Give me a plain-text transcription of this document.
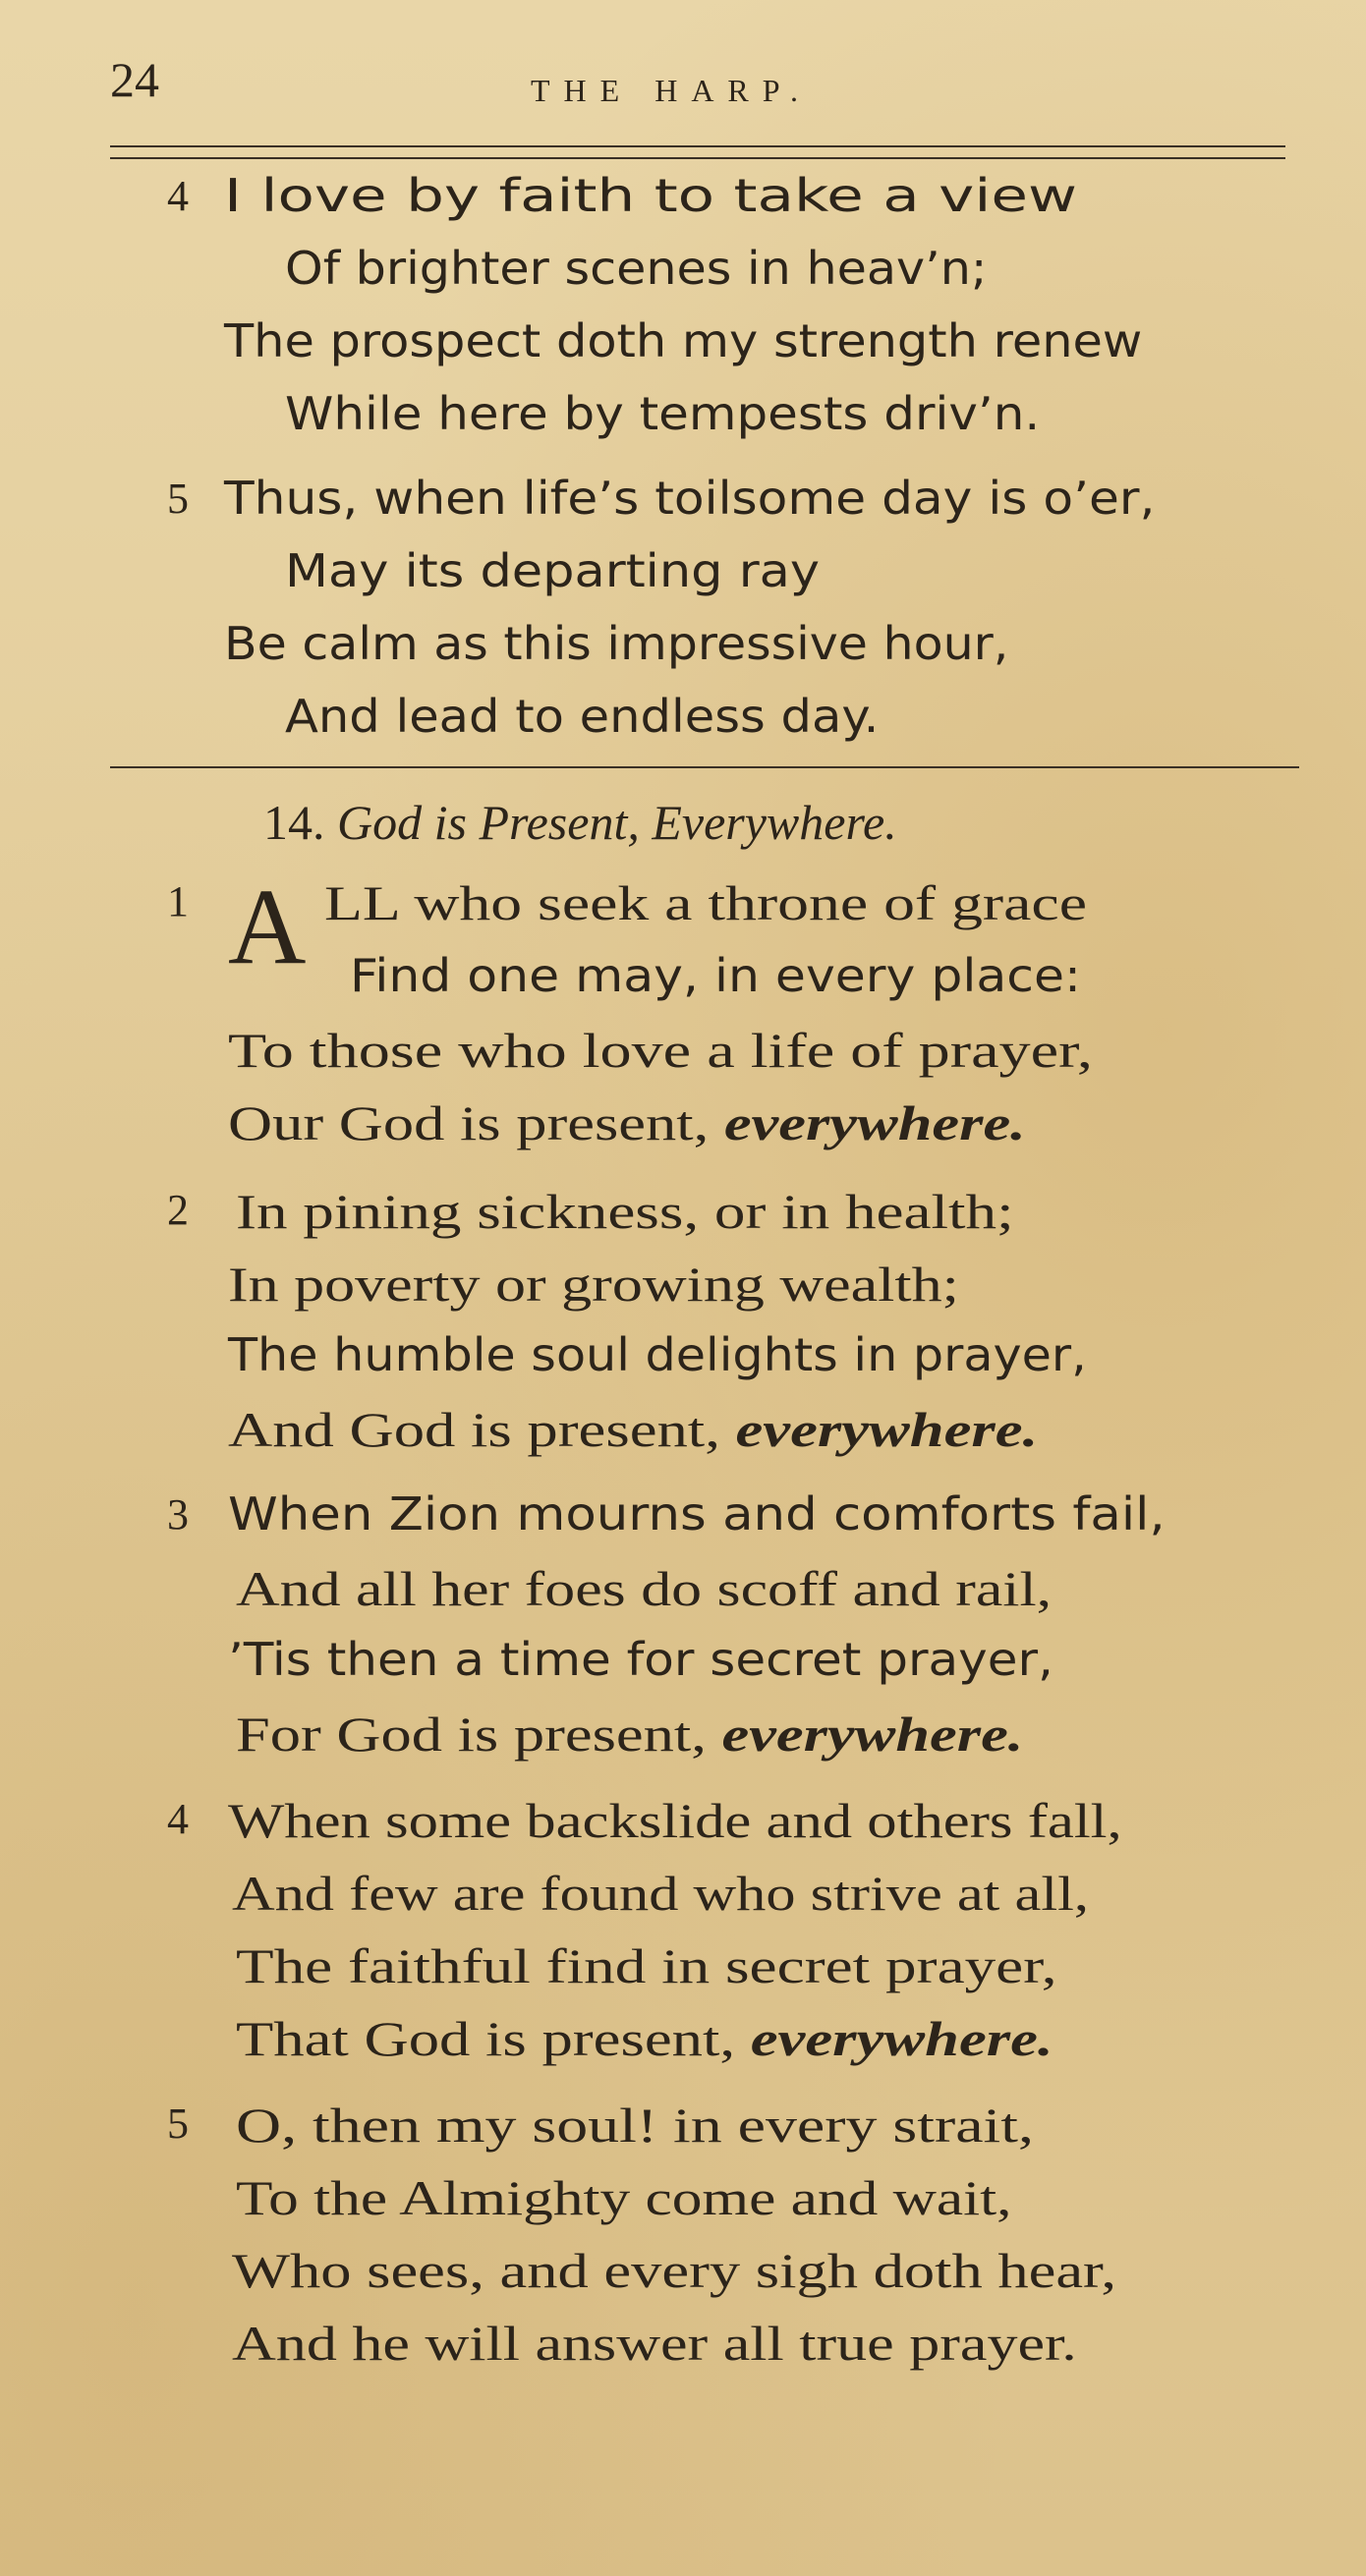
24	THE HARP.
4 I love by faith to take a view
Of brighter scenes in heav’n;
The prospect doth my strength renew
While here by tempests driv’n.
5 Thus, when life’s toilsome day is o’er,
May its departing ray
Be calm as this impressive hour,
And lead to endless day.
14. God is Present, Everywhere.
1 A LL who seek a throne of grace
Find one may, in every place:
To those who love a life of prayer,
Our God is present, everywhere.
2 In pining sickness, or in health;
In poverty or growing wealth;
The humble soul delights in prayer,
And God is present, everywhere.
3 When Zion mourns and comforts fail,
And all her foes do scoff and rail,
’Tis then a time for secret prayer,
For God is present, everywhere.
4 When some backslide and others fall,
And few are found who strive at all,
The faithful find in secret prayer,
That God is present, everywhere.
5 O, then my soul! in every strait,
To the Almighty come and wait,
Who sees, and every sigh doth hear,
And he will answer all true prayer.
